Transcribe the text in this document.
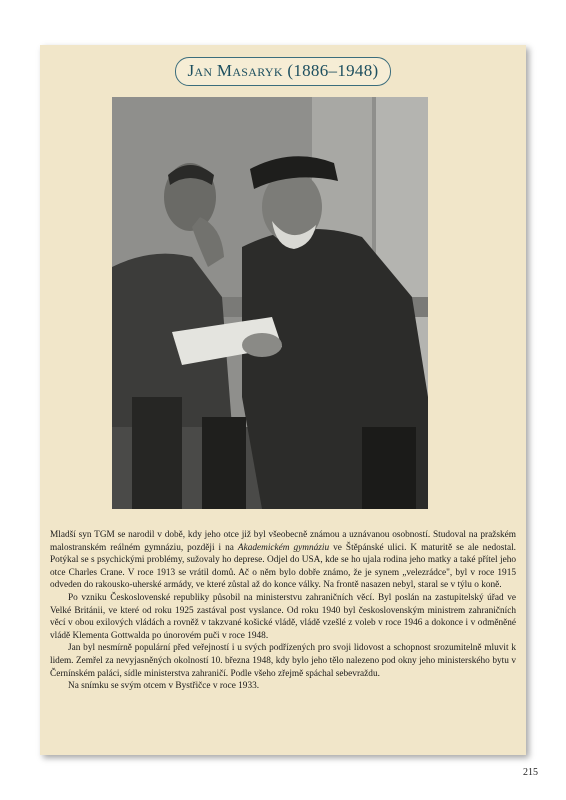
Jan Masaryk (1886–1948)

Mladší syn TGM se narodil v době, kdy jeho otce již byl všeobecně známou a uznávanou osobností. Studoval na pražském malostranském reálném gymnáziu, později i na Akademickém gymnáziu ve Štěpánské ulici. K maturitě se ale nedostal. Potýkal se s psychickými problémy, sužovaly ho deprese. Odjel do USA, kde se ho ujala rodina jeho matky a také přítel jeho otce Charles Crane. V roce 1913 se vrátil domů. Ač o něm bylo dobře známo, že je synem „velezrádce", byl v roce 1915 odveden do rakousko-uherské armády, ve které zůstal až do konce války. Na frontě nasazen nebyl, staral se v týlu o koně.

Po vzniku Československé republiky působil na ministerstvu zahraničních věcí. Byl poslán na zastupitelský úřad ve Velké Británii, ve které od roku 1925 zastával post vyslance. Od roku 1940 byl československým ministrem zahraničních věcí v obou exilových vládách a rovněž v takzvané košické vládě, vládě vzešlé z voleb v roce 1946 a dokonce i v odměněné vládě Klementa Gottwalda po únorovém puči v roce 1948.

Jan byl nesmírně populární před veřejností i u svých podřízených pro svoji lidovost a schopnost srozumitelně mluvit k lidem. Zemřel za nevyjasněných okolností 10. března 1948, kdy bylo jeho tělo nalezeno pod okny jeho ministerského bytu v Černínském paláci, sídle ministerstva zahraničí. Podle všeho zřejmě spáchal sebevraždu.

Na snímku se svým otcem v Bystřičce v roce 1933.

215
